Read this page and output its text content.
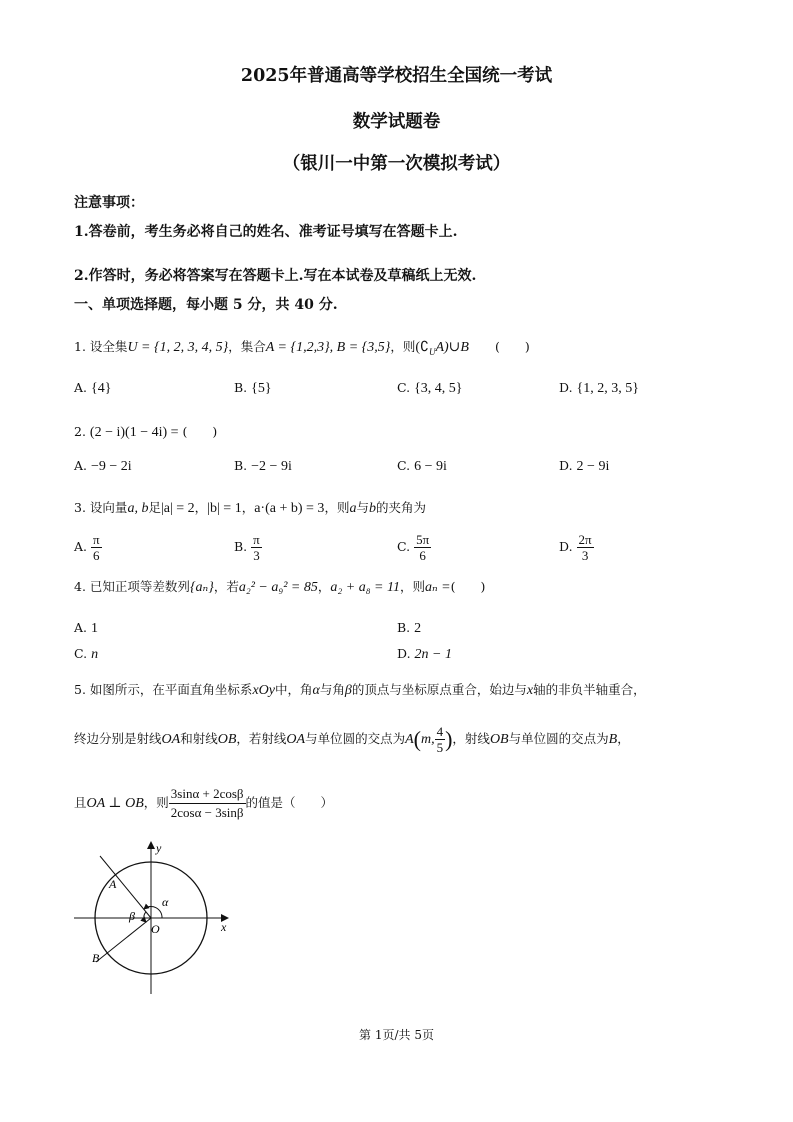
2025年普通高等学校招生全国统一考试
数学试题卷
（银川一中第一次模拟考试）
注意事项：
1.答卷前，考生务必将自己的姓名、准考证号填写在答题卡上.
2.作答时，务必将答案写在答题卡上.写在本试卷及草稿纸上无效.
一、单项选择题，每小题 5 分，共 40 分.
1. 设全集U = {1, 2, 3, 4, 5}，集合A = {1,2,3}, B = {3,5}，则$(∁_UA)\cup B$ (　　)
A. {4}	B. {5}	C. {3, 4, 5}	D. {1, 2, 3, 5}
2. (2 − i)(1 − 4i) = (　　)
A. −9 − 2i	B. −2 − 9i	C. 6 − 9i	D. 2 − 9i
3. 设向量a, b足|a| = 2，|b| = 1，a·(a + b) = 3，则a与b的夹角为
A. $\frac{\pi}{6}$	B. $\frac{\pi}{3}$	C. $\frac{5\pi}{6}$	D. $\frac{2\pi}{3}$
4. 已知正项等差数列{aₙ}，若a₂² − a₉² = 85，a₂ + a₈ = 11，则aₙ =(　　)
A. 1	B. 2
C. n	D. 2n − 1
5. 如图所示，在平面直角坐标系xOy中，角α与角β的顶点与坐标原点重合，始边与x轴的非负半轴重合，
终边分别是射线OA和射线OB，若射线OA与单位圆的交点为A(m, $\frac{4}{5}$ )，射线OB与单位圆的交点为B，
且OA ⊥ OB，则 $\frac{3\sin\alpha + 2\cos\beta}{2\cos\alpha - 3\sin\beta}$ 的值是（　　）
y
x
O
A
B
α
β
第 1页/共 5页
